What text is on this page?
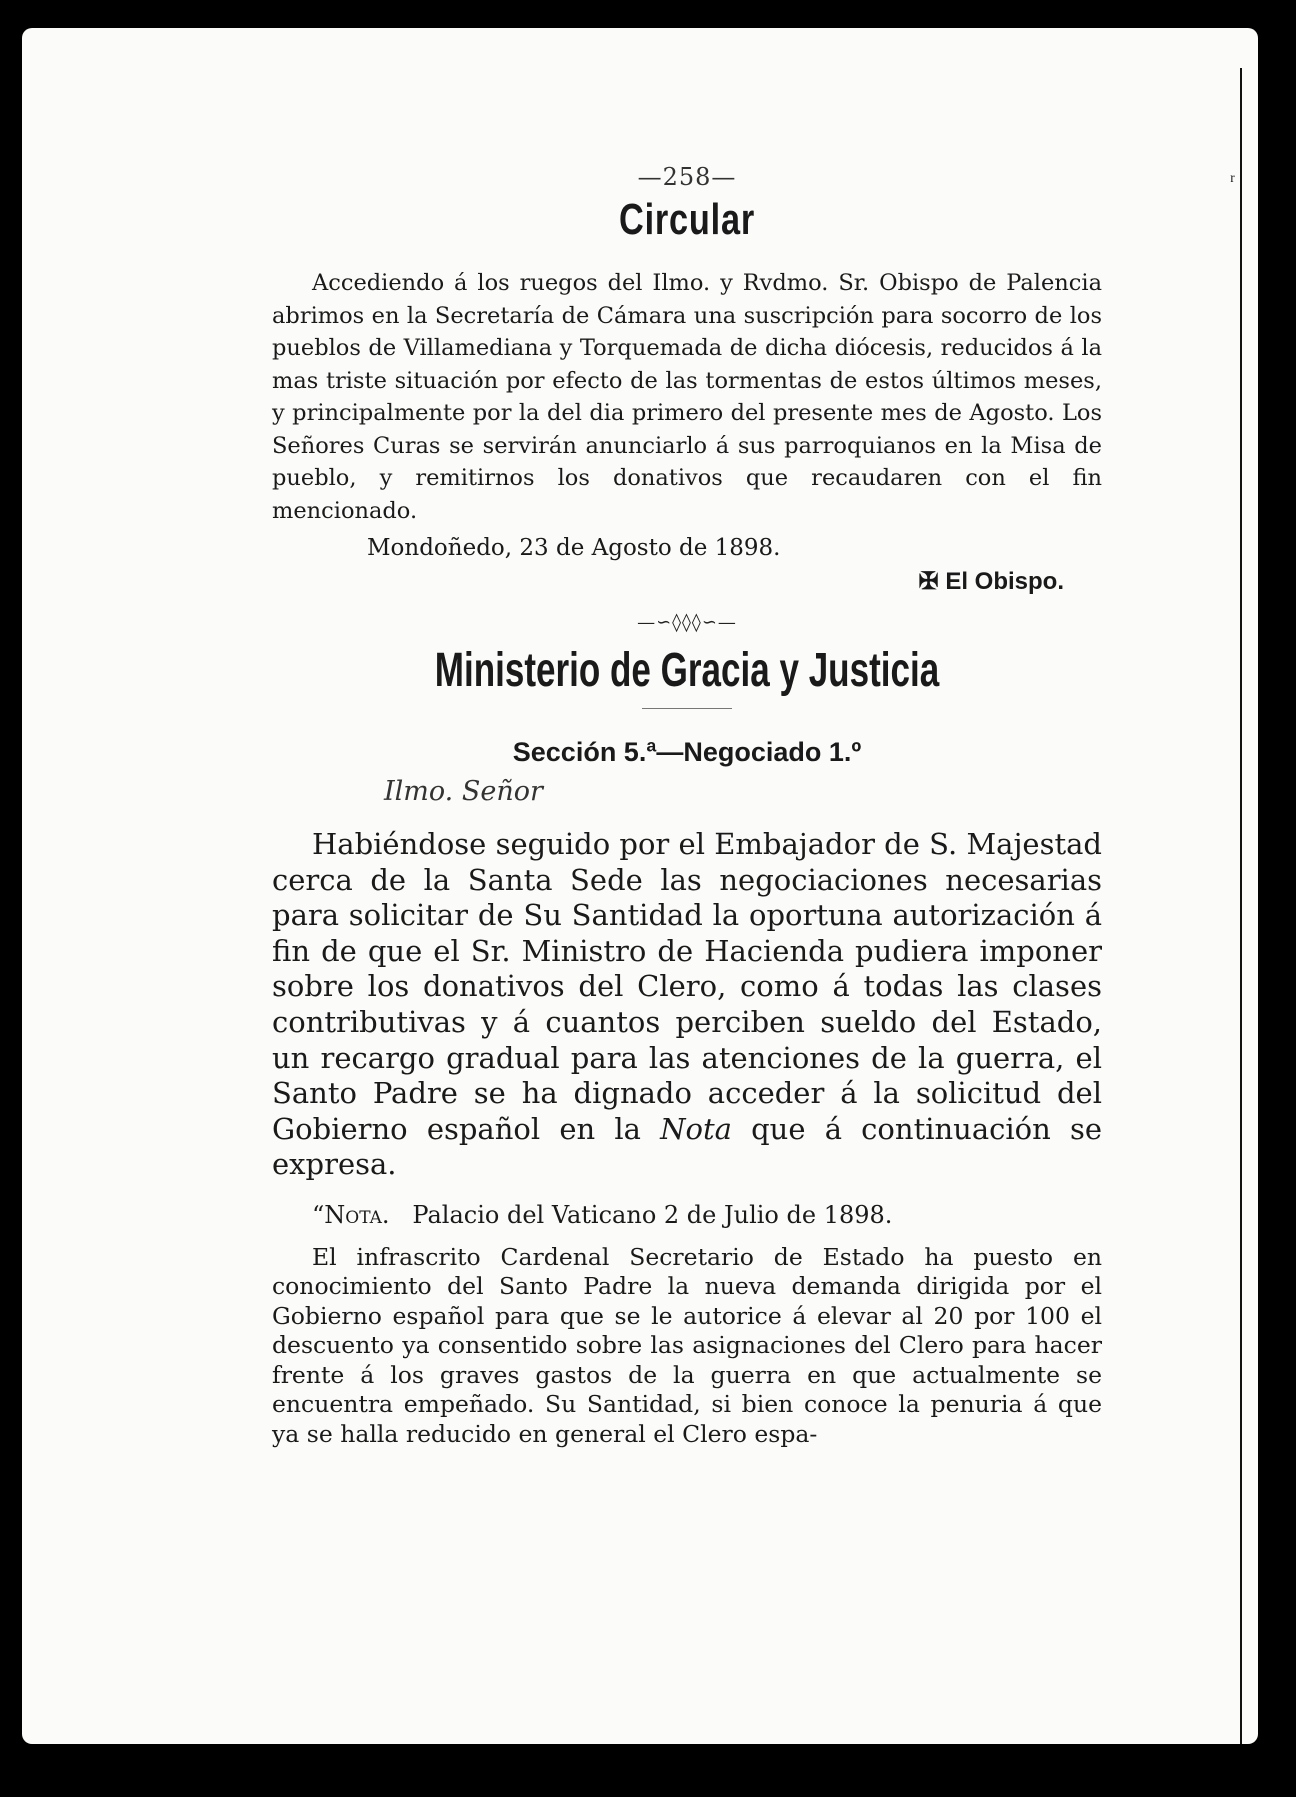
ʳ
—258—
Circular

Accediendo á los ruegos del Ilmo. y Rvdmo. Sr. Obispo de Palencia abrimos en la Secretaría de Cámara una suscripción para socorro de los pueblos de Villamediana y Torquemada de dicha diócesis, reducidos á la mas triste situación por efecto de las tormentas de estos últimos meses, y principalmente por la del dia primero del presente mes de Agosto. Los Señores Curas se servirán anunciarlo á sus parroquianos en la Misa de pueblo, y remitirnos los donativos que recaudaren con el fin mencionado.

Mondoñedo, 23 de Agosto de 1898.
✠ El Obispo.
—∽◊◊◊∽—
Ministerio de Gracia y Justicia
Sección 5.ª—Negociado 1.º
Ilmo. Señor

Habiéndose seguido por el Embajador de S. Majestad cerca de la Santa Sede las negociaciones necesarias para solicitar de Su Santidad la oportuna autorización á fin de que el Sr. Ministro de Hacienda pudiera imponer sobre los donativos del Clero, como á todas las clases contributivas y á cuantos perciben sueldo del Estado, un recargo gradual para las atenciones de la guerra, el Santo Padre se ha dignado acceder á la solicitud del Gobierno español en la Nota que á continuación se expresa.

“Nota. Palacio del Vaticano 2 de Julio de 1898.

El infrascrito Cardenal Secretario de Estado ha puesto en conocimiento del Santo Padre la nueva demanda dirigida por el Gobierno español para que se le autorice á elevar al 20 por 100 el descuento ya consentido sobre las asignaciones del Clero para hacer frente á los graves gastos de la guerra en que actualmente se encuentra empeñado. Su Santidad, si bien conoce la penuria á que ya se halla reducido en general el Clero espa-
